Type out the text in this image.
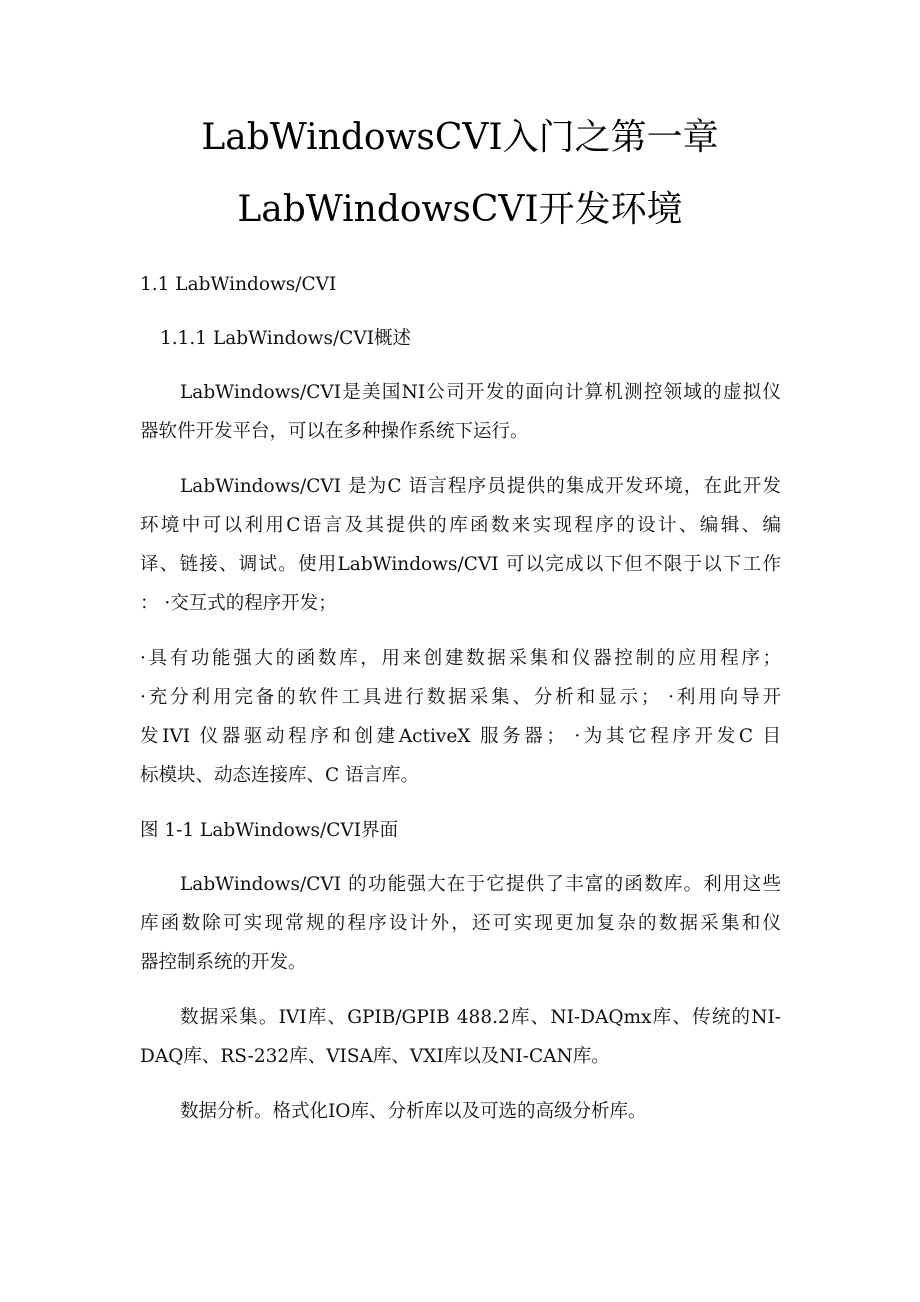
LabWindowsCVI入门之第一章
LabWindowsCVI开发环境
1.1 LabWindows/CVI
1.1.1 LabWindows/CVI概述
LabWindows/CVI是美国NI公司开发的面向计算机测控领域的虚拟仪
器软件开发平台，可以在多种操作系统下运行。
LabWindows/CVI 是为C 语言程序员提供的集成开发环境，在此开发
环境中可以利用C语言及其提供的库函数来实现程序的设计、编辑、编
译、链接、调试。使用LabWindows/CVI 可以完成以下但不限于以下工作
： ·交互式的程序开发；
·具有功能强大的函数库，用来创建数据采集和仪器控制的应用程序；
·充分利用完备的软件工具进行数据采集、分析和显示； ·利用向导开
发IVI 仪器驱动程序和创建ActiveX 服务器； ·为其它程序开发C 目
标模块、动态连接库、C 语言库。
图 1-1 LabWindows/CVI界面
LabWindows/CVI 的功能强大在于它提供了丰富的函数库。利用这些
库函数除可实现常规的程序设计外，还可实现更加复杂的数据采集和仪
器控制系统的开发。
数据采集。IVI库、GPIB/GPIB 488.2库、NI-DAQmx库、传统的NI-
DAQ库、RS-232库、VISA库、VXI库以及NI-CAN库。
数据分析。格式化IO库、分析库以及可选的高级分析库。
